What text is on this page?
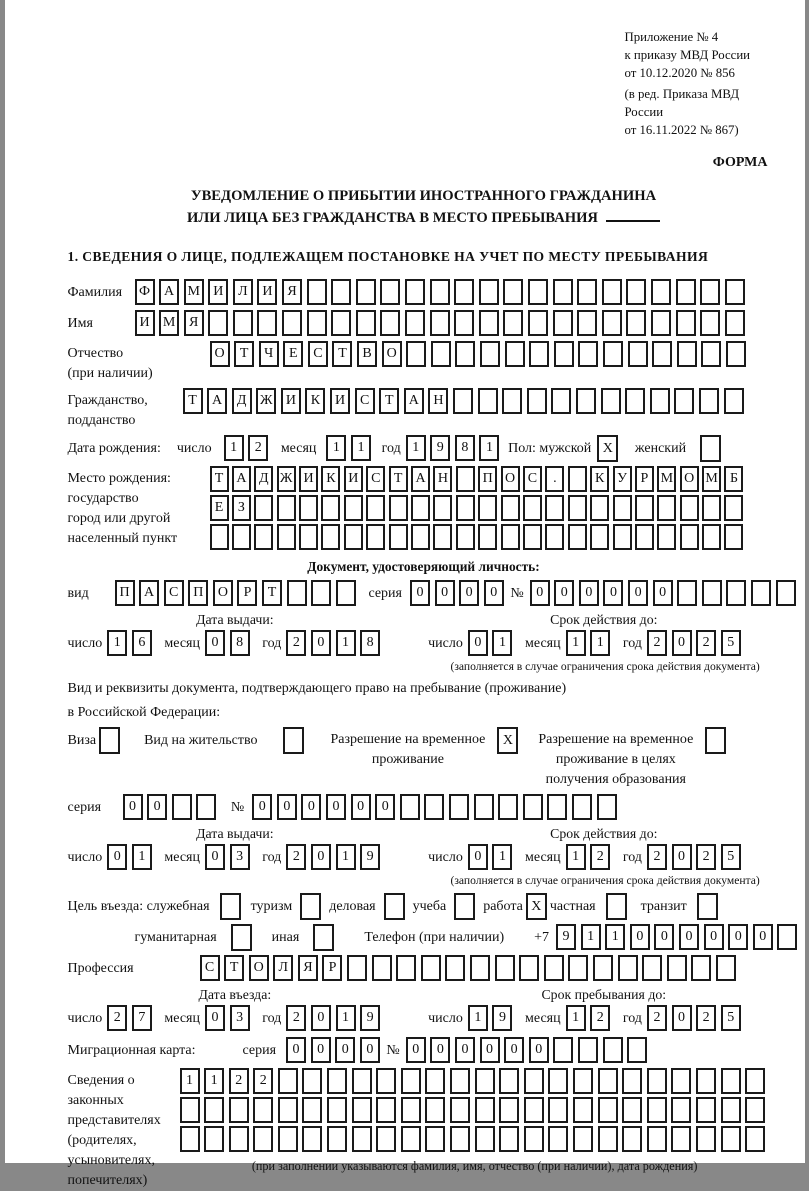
Приложение № 4
к приказу МВД России
от 10.12.2020 № 856
(в ред. Приказа МВД России
от 16.11.2022 № 867)
ФОРМА
УВЕДОМЛЕНИЕ О ПРИБЫТИИ ИНОСТРАННОГО ГРАЖДАНИНА
ИЛИ ЛИЦА БЕЗ ГРАЖДАНСТВА В МЕСТО ПРЕБЫВАНИЯ
1. СВЕДЕНИЯ О ЛИЦЕ, ПОДЛЕЖАЩЕМ ПОСТАНОВКЕ НА УЧЕТ ПО МЕСТУ ПРЕБЫВАНИЯ
Фамилия	Ф	А М И	Л	И	Я
Имя	И М Я
Отчество
(при наличии)
О	Т	Ч	Е	С	Т	В	О
Гражданство,
подданство
Т	А	Д Ж И	К	И	С	Т	А	Н
Дата рождения: число	1	2	месяц	1	1	год 1	9	8	1	Пол: мужской X	женский
Место рождения:
государство
город или другой
населенный пункт
Т А Д Ж И К И С Т А Н	П О С	.	К У Р М О М Б
Е	З
Документ, удостоверяющий личность:
вид	П	А	С	П	О	Р	Т	серия	0	0	0	0 № 0	0	0	0	0	0
Дата выдачи:
число 1	6	месяц 0	8	год 2	0	1	8
Срок действия до:
число 0	1	месяц 1	1	год 2	0	2	5
(заполняется в случае ограничения срока действия документа)
Вид и реквизиты документа, подтверждающего право на пребывание (проживание)
в Российской Федерации:
Виза	Вид на жительство	Разрешение на временное
проживание
X	Разрешение на временное
проживание в целях
получения образования
серия	0	0	№	0	0	0	0	0	0
Дата выдачи:
число 0	1	месяц 0	3	год 2	0	1	9
Срок действия до:
число 0	1	месяц 1	2	год 2	0	2	5
(заполняется в случае ограничения срока действия документа)
Цель въезда: служебная	туризм	деловая	учеба	работа X частная	транзит
гуманитарная	иная	Телефон (при наличии) +7 9	1	1	0	0	0	0	0	0
Профессия	С	Т	О	Л	Я	Р
Дата въезда:
число 2	7	месяц 0	3	год 2	0	1	9
Срок пребывания до:
число 1	9	месяц 1	2	год 2	0	2	5
Миграционная карта:	серия	0	0	0	0 № 0	0	0	0	0	0
Сведения о
законных
представителях
(родителях,
усыновителях,
попечителях)
1	1	2	2
(при заполнении указываются фамилия, имя, отчество (при наличии), дата рождения)
